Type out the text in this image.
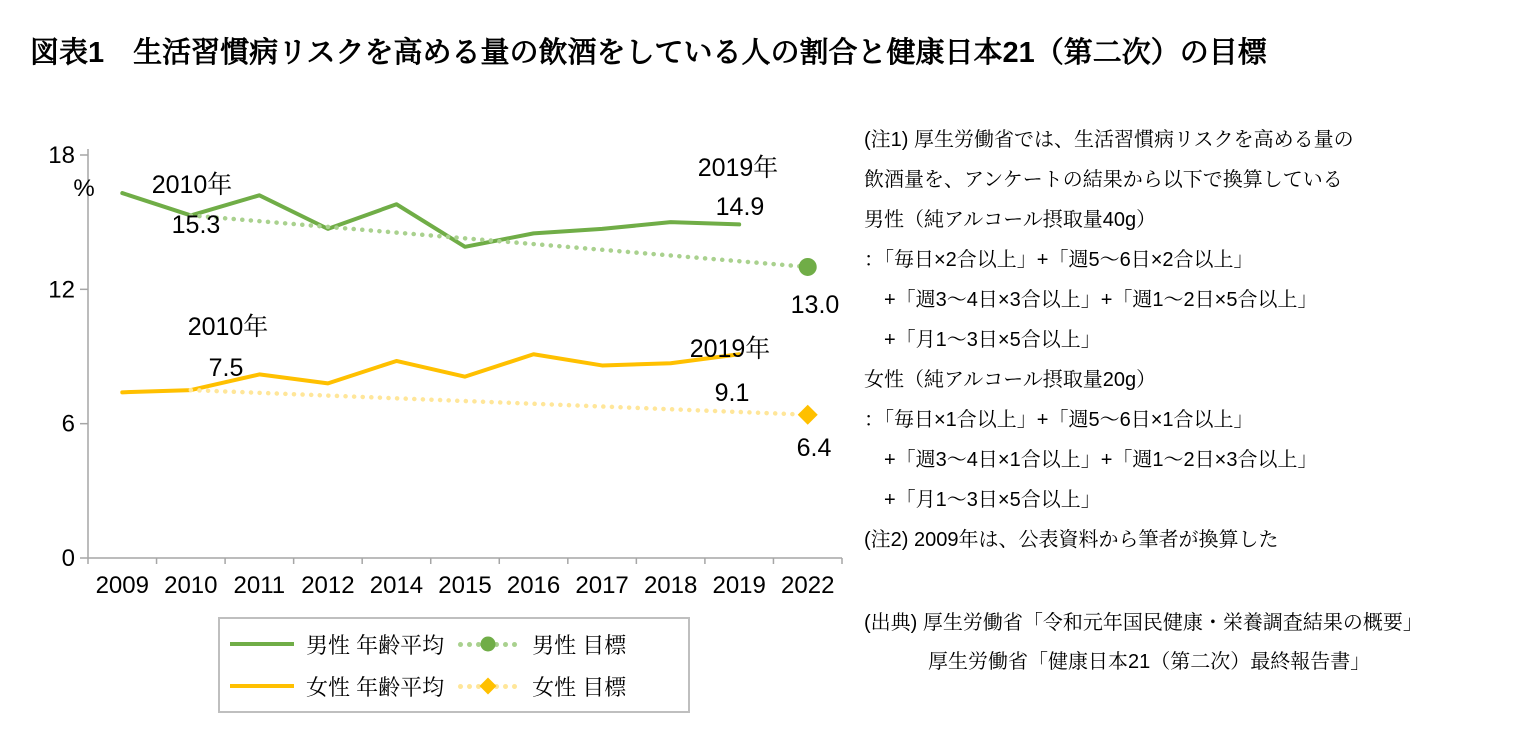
図表1　生活習慣病リスクを高める量の飲酒をしている人の割合と健康日本21（第二次）の目標
0
6
12
18
%
2009 2010 2011 2012 2014 2015 2016 2017 2018 2019 2022
2010年
15.3
2019年
14.9
13.0
2010年
7.5
2019年
9.1
6.4
男性 年齢平均	男性 目標
女性 年齢平均	女性 目標
(注1) 厚生労働省では、生活習慣病リスクを高める量の
飲酒量を、アンケートの結果から以下で換算している
男性（純アルコール摂取量40g）
：「毎日×2合以上」+「週5～6日×2合以上」
　+「週3～4日×3合以上」+「週1～2日×5合以上」
　+「月1～3日×5合以上」
女性（純アルコール摂取量20g）
：「毎日×1合以上」+「週5～6日×1合以上」
　+「週3～4日×1合以上」+「週1～2日×3合以上」
　+「月1～3日×5合以上」
(注2) 2009年は、公表資料から筆者が換算した
(出典) 厚生労働省「令和元年国民健康・栄養調査結果の概要」
厚生労働省「健康日本21（第二次）最終報告書」
